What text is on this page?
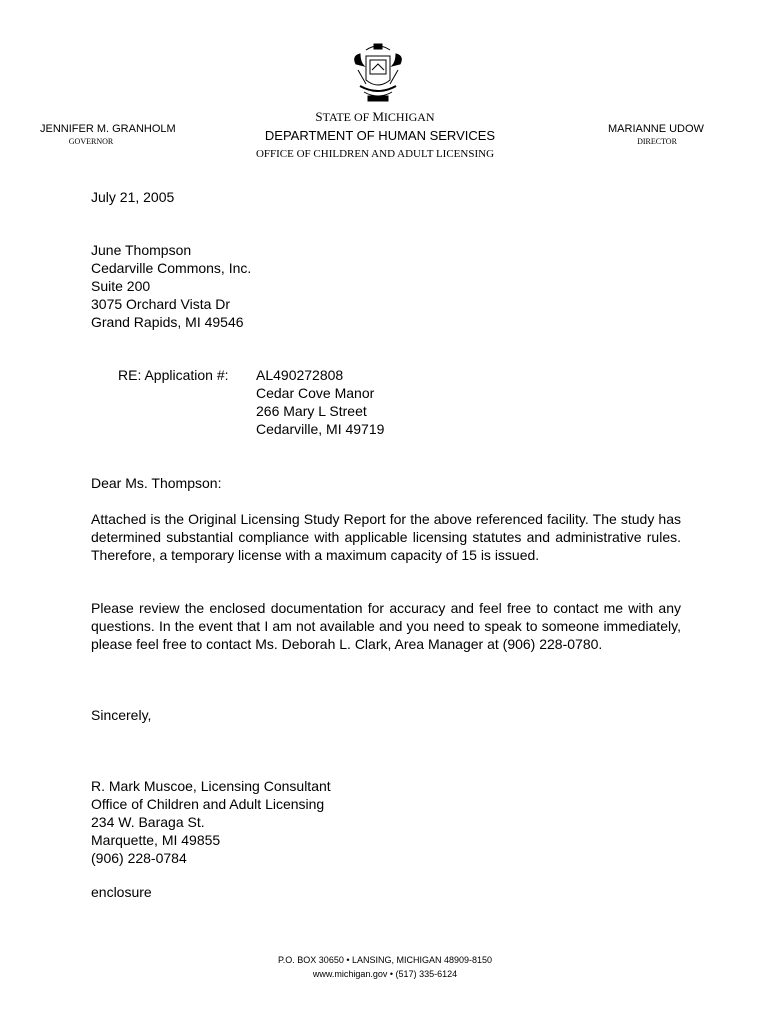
STATE OF MICHIGAN
DEPARTMENT OF HUMAN SERVICES
OFFICE OF CHILDREN AND ADULT LICENSING
JENNIFER M. GRANHOLM
GOVERNOR
MARIANNE UDOW
DIRECTOR
July 21, 2005
June Thompson
Cedarville Commons, Inc.
Suite 200
3075 Orchard Vista Dr
Grand Rapids, MI 49546
RE: Application #: AL490272808
Cedar Cove Manor
266 Mary L Street
Cedarville, MI 49719
Dear Ms. Thompson:
Attached is the Original Licensing Study Report for the above referenced facility. The study has determined substantial compliance with applicable licensing statutes and administrative rules. Therefore, a temporary license with a maximum capacity of 15 is issued.
Please review the enclosed documentation for accuracy and feel free to contact me with any questions. In the event that I am not available and you need to speak to someone immediately, please feel free to contact Ms. Deborah L. Clark, Area Manager at (906) 228-0780.
Sincerely,
R. Mark Muscoe, Licensing Consultant
Office of Children and Adult Licensing
234 W. Baraga St.
Marquette, MI 49855
(906) 228-0784
enclosure
P.O. BOX 30650 • LANSING, MICHIGAN 48909-8150
www.michigan.gov • (517) 335-6124
